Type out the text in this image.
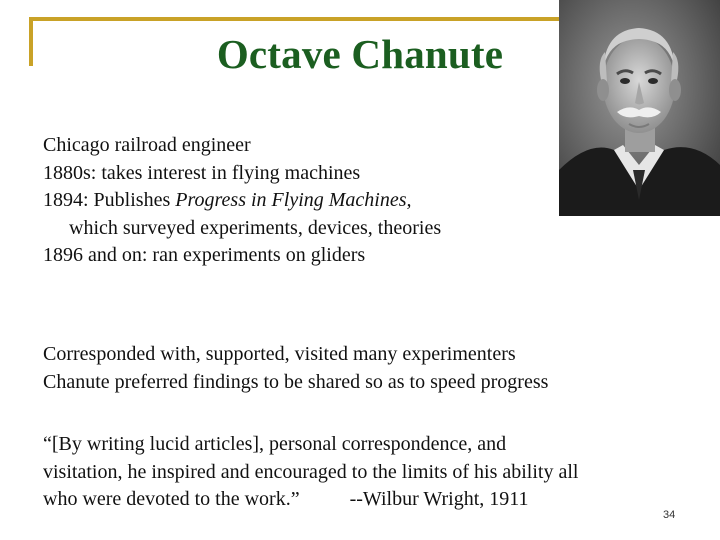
Octave Chanute
Chicago railroad engineer
1880s: takes interest in flying machines
1894: Publishes Progress in Flying Machines,
which surveyed experiments, devices, theories
1896 and on: ran experiments on gliders
Corresponded with, supported, visited many experimenters
Chanute preferred findings to be shared so as to speed progress
“[By writing lucid articles], personal correspondence, and
visitation, he inspired and encouraged to the limits of his ability all
who were devoted to the work.”	--Wilbur Wright, 1911
34
